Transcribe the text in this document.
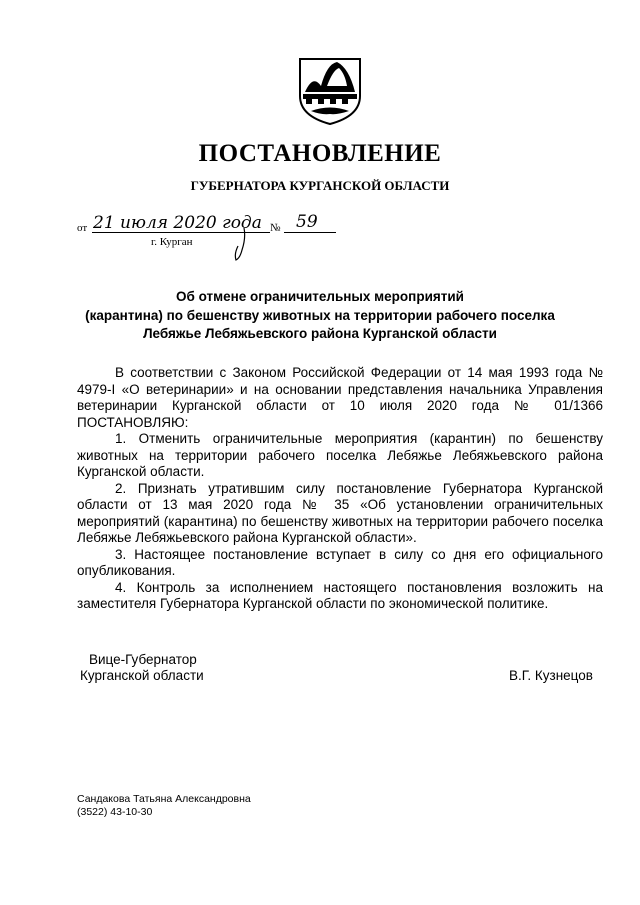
ПОСТАНОВЛЕНИЕ
ГУБЕРНАТОРА КУРГАНСКОЙ ОБЛАСТИ
от 21 июля 2020 года № 59
г. Курган
Об отмене ограничительных мероприятий
(карантина) по бешенству животных на территории рабочего поселка
Лебяжье Лебяжьевского района Курганской области

В соответствии с Законом Российской Федерации от 14 мая 1993 года № 4979-I «О ветеринарии» и на основании представления начальника Управления ветеринарии Курганской области от 10 июля 2020 года № 01/1366 ПОСТАНОВЛЯЮ:

1. Отменить ограничительные мероприятия (карантин) по бешенству животных на территории рабочего поселка Лебяжье Лебяжьевского района Курганской области.

2. Признать утратившим силу постановление Губернатора Курганской области от 13 мая 2020 года № 35 «Об установлении ограничительных мероприятий (карантина) по бешенству животных на территории рабочего поселка Лебяжье Лебяжьевского района Курганской области».

3. Настоящее постановление вступает в силу со дня его официального опубликования.

4. Контроль за исполнением настоящего постановления возложить на заместителя Губернатора Курганской области по экономической политике.

Вице-Губернатор
Курганской области	В.Г. Кузнецов
Сандакова Татьяна Александровна
(3522) 43-10-30
